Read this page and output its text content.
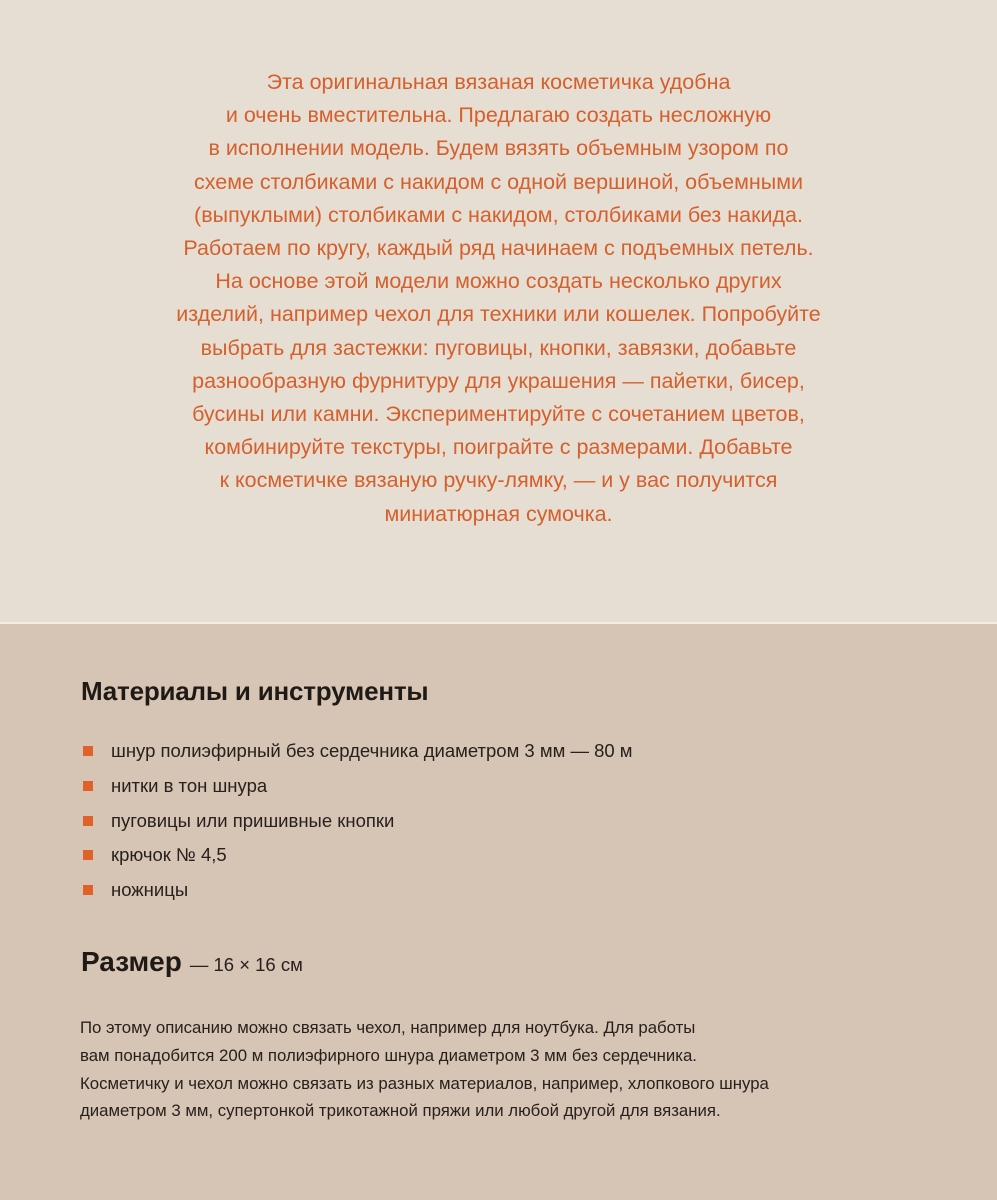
Эта оригинальная вязаная косметичка удобна
и очень вместительна. Предлагаю создать несложную
в исполнении модель. Будем вязять объемным узором по
схеме столбиками с накидом с одной вершиной, объемными
(выпуклыми) столбиками с накидом, столбиками без накида.
Работаем по кругу, каждый ряд начинаем с подъемных петель.
На основе этой модели можно создать несколько других
изделий, например чехол для техники или кошелек. Попробуйте
выбрать для застежки: пуговицы, кнопки, завязки, добавьте
разнообразную фурнитуру для украшения — пайетки, бисер,
бусины или камни. Экспериментируйте с сочетанием цветов,
комбинируйте текстуры, поиграйте с размерами. Добавьте
к косметичке вязаную ручку-лямку, — и у вас получится
миниатюрная сумочка.
Материалы и инструменты
шнур полиэфирный без сердечника диаметром 3 мм — 80 м
нитки в тон шнура
пуговицы или пришивные кнопки
крючок № 4,5
ножницы
Размер — 16 × 16 см
По этому описанию можно связать чехол, например для ноутбука. Для работы
вам понадобится 200 м полиэфирного шнура диаметром 3 мм без сердечника.
Косметичку и чехол можно связать из разных материалов, например, хлопкового шнура
диаметром 3 мм, супертонкой трикотажной пряжи или любой другой для вязания.
